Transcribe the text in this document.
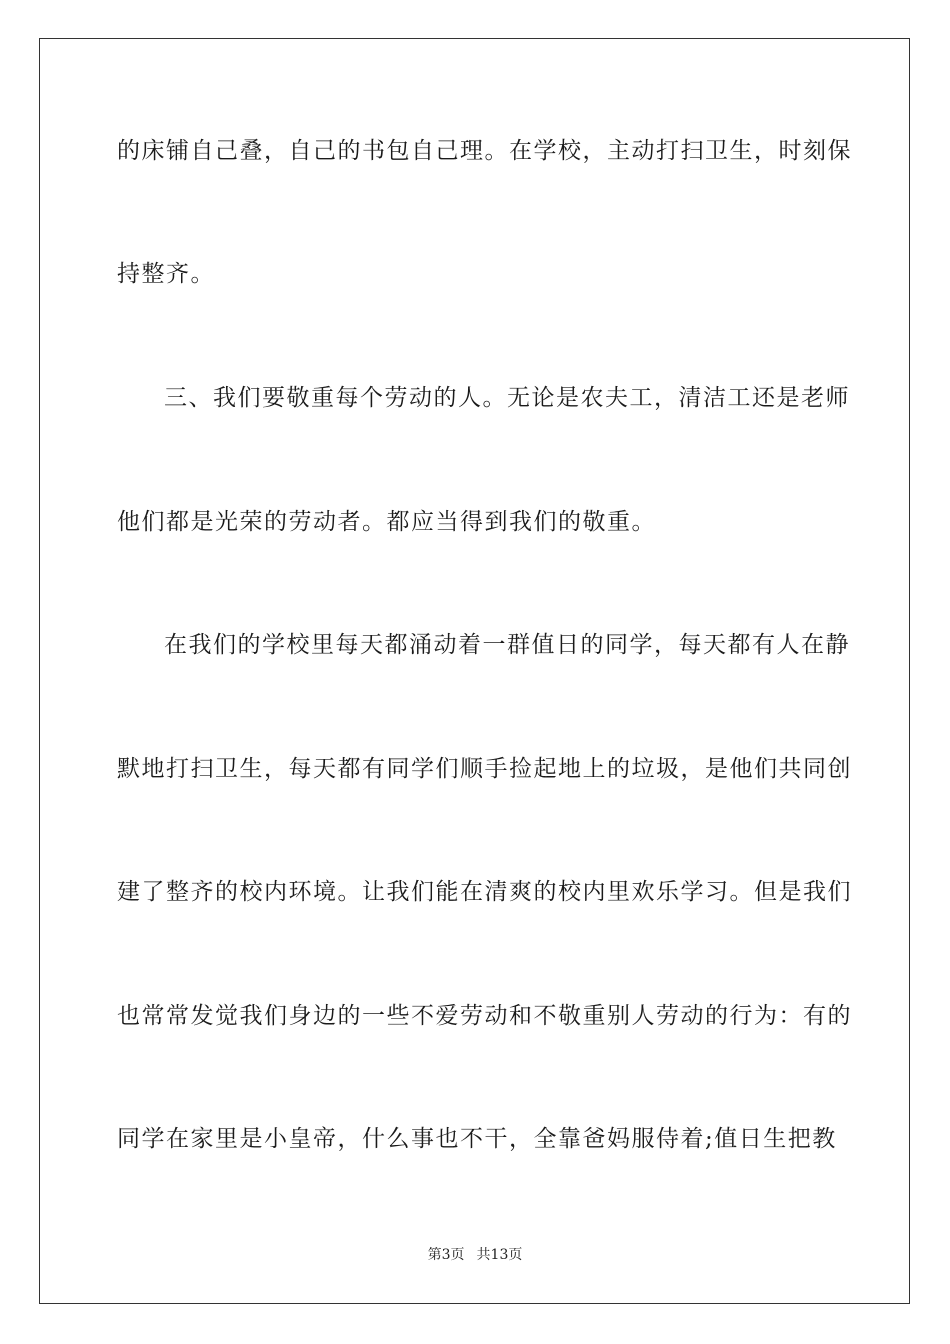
的床铺自己叠，自己的书包自己理。在学校，主动打扫卫生，时刻保
持整齐。
三、我们要敬重每个劳动的人。无论是农夫工，清洁工还是老师
他们都是光荣的劳动者。都应当得到我们的敬重。
在我们的学校里每天都涌动着一群值日的同学，每天都有人在静
默地打扫卫生，每天都有同学们顺手捡起地上的垃圾，是他们共同创
建了整齐的校内环境。让我们能在清爽的校内里欢乐学习。但是我们
也常常发觉我们身边的一些不爱劳动和不敬重别人劳动的行为：有的
同学在家里是小皇帝，什么事也不干，全靠爸妈服侍着;值日生把教
第3页 共13页
